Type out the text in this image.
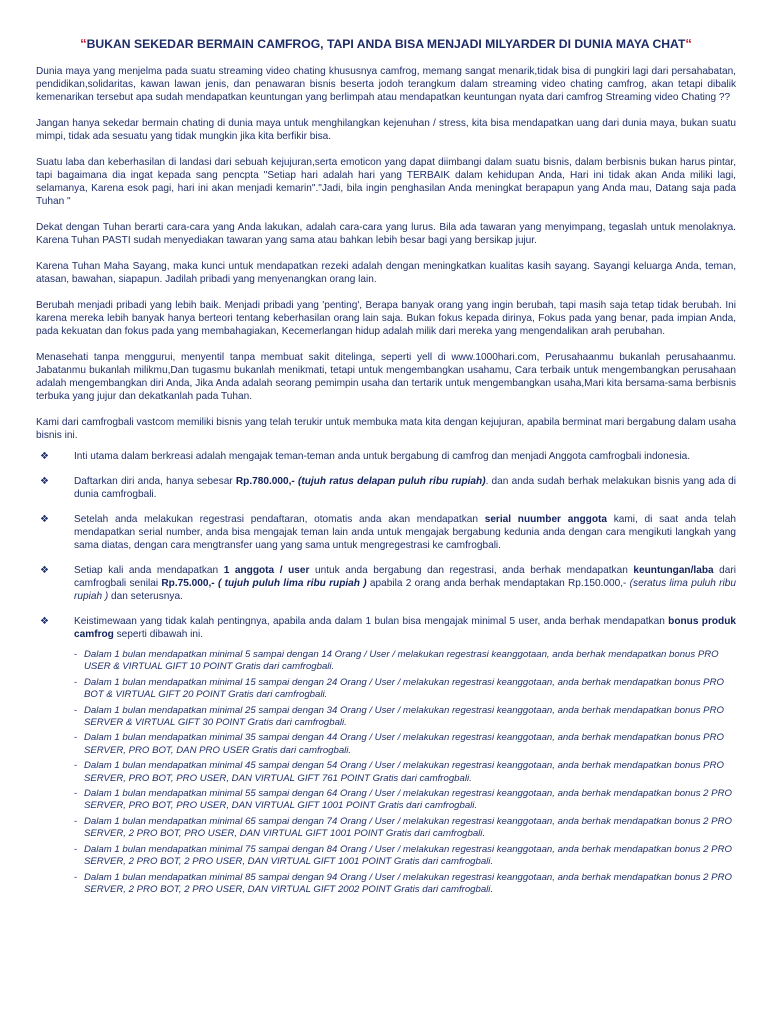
“BUKAN SEKEDAR BERMAIN CAMFROG, TAPI ANDA BISA MENJADI MILYARDER DI DUNIA MAYA CHAT“

Dunia maya yang menjelma pada suatu streaming video chating khususnya camfrog, memang sangat menarik,tidak bisa di pungkiri lagi dari persahabatan, pendidikan,solidaritas, kawan lawan jenis, dan penawaran bisnis beserta jodoh terangkum dalam streaming video chating camfrog, akan tetapi dibalik kemenarikan tersebut apa sudah mendapatkan keuntungan yang berlimpah atau mendapatkan keuntungan nyata dari camfrog Streaming video Chating ??

Jangan hanya sekedar bermain chating di dunia maya untuk menghilangkan kejenuhan / stress, kita bisa mendapatkan uang dari dunia maya, bukan suatu mimpi, tidak ada sesuatu yang tidak mungkin jika kita berfikir bisa.

Suatu laba dan keberhasilan di landasi dari sebuah kejujuran,serta emoticon yang dapat diimbangi dalam suatu bisnis, dalam berbisnis bukan harus pintar, tapi bagaimana dia ingat kepada sang pencpta "Setiap hari adalah hari yang TERBAIK dalam kehidupan Anda, Hari ini tidak akan Anda miliki lagi, selamanya, Karena esok pagi, hari ini akan menjadi kemarin"."Jadi, bila ingin penghasilan Anda meningkat berapapun yang Anda mau, Datang saja pada Tuhan "

Dekat dengan Tuhan berarti cara-cara yang Anda lakukan, adalah cara-cara yang lurus. Bila ada tawaran yang menyimpang, tegaslah untuk menolaknya. Karena Tuhan PASTI sudah menyediakan tawaran yang sama atau bahkan lebih besar bagi yang bersikap jujur.

Karena Tuhan Maha Sayang, maka kunci untuk mendapatkan rezeki adalah dengan meningkatkan kualitas kasih sayang. Sayangi keluarga Anda, teman, atasan, bawahan, siapapun. Jadilah pribadi yang menyenangkan orang lain.

Berubah menjadi pribadi yang lebih baik. Menjadi pribadi yang 'penting', Berapa banyak orang yang ingin berubah, tapi masih saja tetap tidak berubah. Ini karena mereka lebih banyak hanya berteori tentang keberhasilan orang lain saja. Bukan fokus kepada dirinya, Fokus pada yang benar, pada impian Anda, pada kekuatan dan fokus pada yang membahagiakan, Kecemerlangan hidup adalah milik dari mereka yang mengendalikan arah perubahan.

Menasehati tanpa menggurui, menyentil tanpa membuat sakit ditelinga, seperti yell di www.1000hari.com, Perusahaanmu bukanlah perusahaanmu. Jabatanmu bukanlah milikmu,Dan tugasmu bukanlah menikmati, tetapi untuk mengembangkan usahamu, Cara terbaik untuk mengembangkan perusahaan adalah mengembangkan diri Anda, Jika Anda adalah seorang pemimpin usaha dan tertarik untuk mengembangkan usaha,Mari kita bersama-sama berbisnis terbuka yang jujur dan dekatkanlah pada Tuhan.

Kami dari camfrogbali vastcom memiliki bisnis yang telah terukir untuk membuka mata kita dengan kejujuran, apabila berminat mari bergabung dalam usaha bisnis ini.

❖ Inti utama dalam berkreasi adalah mengajak teman-teman anda untuk bergabung di camfrog dan menjadi Anggota camfrogbali indonesia.
❖ Daftarkan diri anda, hanya sebesar Rp.780.000,- (tujuh ratus delapan puluh ribu rupiah). dan anda sudah berhak melakukan bisnis yang ada di dunia camfrogbali.
❖ Setelah anda melakukan regestrasi pendaftaran, otomatis anda akan mendapatkan serial nuumber anggota kami, di saat anda telah mendapatkan serial number, anda bisa mengajak teman lain anda untuk mengajak bergabung kedunia anda dengan cara mengikuti langkah yang sama diatas, dengan cara mengtransfer uang yang sama untuk mengregestrasi ke camfrogbali.
❖ Setiap kali anda mendapatkan 1 anggota / user untuk anda bergabung dan regestrasi, anda berhak mendapatkan keuntungan/laba dari camfrogbali senilai Rp.75.000,- ( tujuh puluh lima ribu rupiah ) apabila 2 orang anda berhak mendaptakan Rp.150.000,- (seratus lima puluh ribu rupiah ) dan seterusnya.
❖ Keistimewaan yang tidak kalah pentingnya, apabila anda dalam 1 bulan bisa mengajak minimal 5 user, anda berhak mendapatkan bonus produk camfrog seperti dibawah ini.
- Dalam 1 bulan mendapatkan minimal 5 sampai dengan 14 Orang / User / melakukan regestrasi keanggotaan, anda berhak mendapatkan bonus PRO USER & VIRTUAL GIFT 10 POINT Gratis dari camfrogbali.
- Dalam 1 bulan mendapatkan minimal 15 sampai dengan 24 Orang / User / melakukan regestrasi keanggotaan, anda berhak mendapatkan bonus PRO BOT & VIRTUAL GIFT 20 POINT Gratis dari camfrogbali.
- Dalam 1 bulan mendapatkan minimal 25 sampai dengan 34 Orang / User / melakukan regestrasi keanggotaan, anda berhak mendapatkan bonus PRO SERVER & VIRTUAL GIFT 30 POINT Gratis dari camfrogbali.
- Dalam 1 bulan mendapatkan minimal 35 sampai dengan 44 Orang / User / melakukan regestrasi keanggotaan, anda berhak mendapatkan bonus PRO SERVER, PRO BOT, DAN PRO USER Gratis dari camfrogbali.
- Dalam 1 bulan mendapatkan minimal 45 sampai dengan 54 Orang / User / melakukan regestrasi keanggotaan, anda berhak mendapatkan bonus PRO SERVER, PRO BOT, PRO USER, DAN VIRTUAL GIFT 761 POINT Gratis dari camfrogbali.
- Dalam 1 bulan mendapatkan minimal 55 sampai dengan 64 Orang / User / melakukan regestrasi keanggotaan, anda berhak mendapatkan bonus 2 PRO SERVER, PRO BOT, PRO USER, DAN VIRTUAL GIFT 1001 POINT Gratis dari camfrogbali.
- Dalam 1 bulan mendapatkan minimal 65 sampai dengan 74 Orang / User / melakukan regestrasi keanggotaan, anda berhak mendapatkan bonus 2 PRO SERVER, 2 PRO BOT, PRO USER, DAN VIRTUAL GIFT 1001 POINT Gratis dari camfrogbali.
- Dalam 1 bulan mendapatkan minimal 75 sampai dengan 84 Orang / User / melakukan regestrasi keanggotaan, anda berhak mendapatkan bonus 2 PRO SERVER, 2 PRO BOT, 2 PRO USER, DAN VIRTUAL GIFT 1001 POINT Gratis dari camfrogbali.
- Dalam 1 bulan mendapatkan minimal 85 sampai dengan 94 Orang / User / melakukan regestrasi keanggotaan, anda berhak mendapatkan bonus 2 PRO SERVER, 2 PRO BOT, 2 PRO USER, DAN VIRTUAL GIFT 2002 POINT Gratis dari camfrogbali.
